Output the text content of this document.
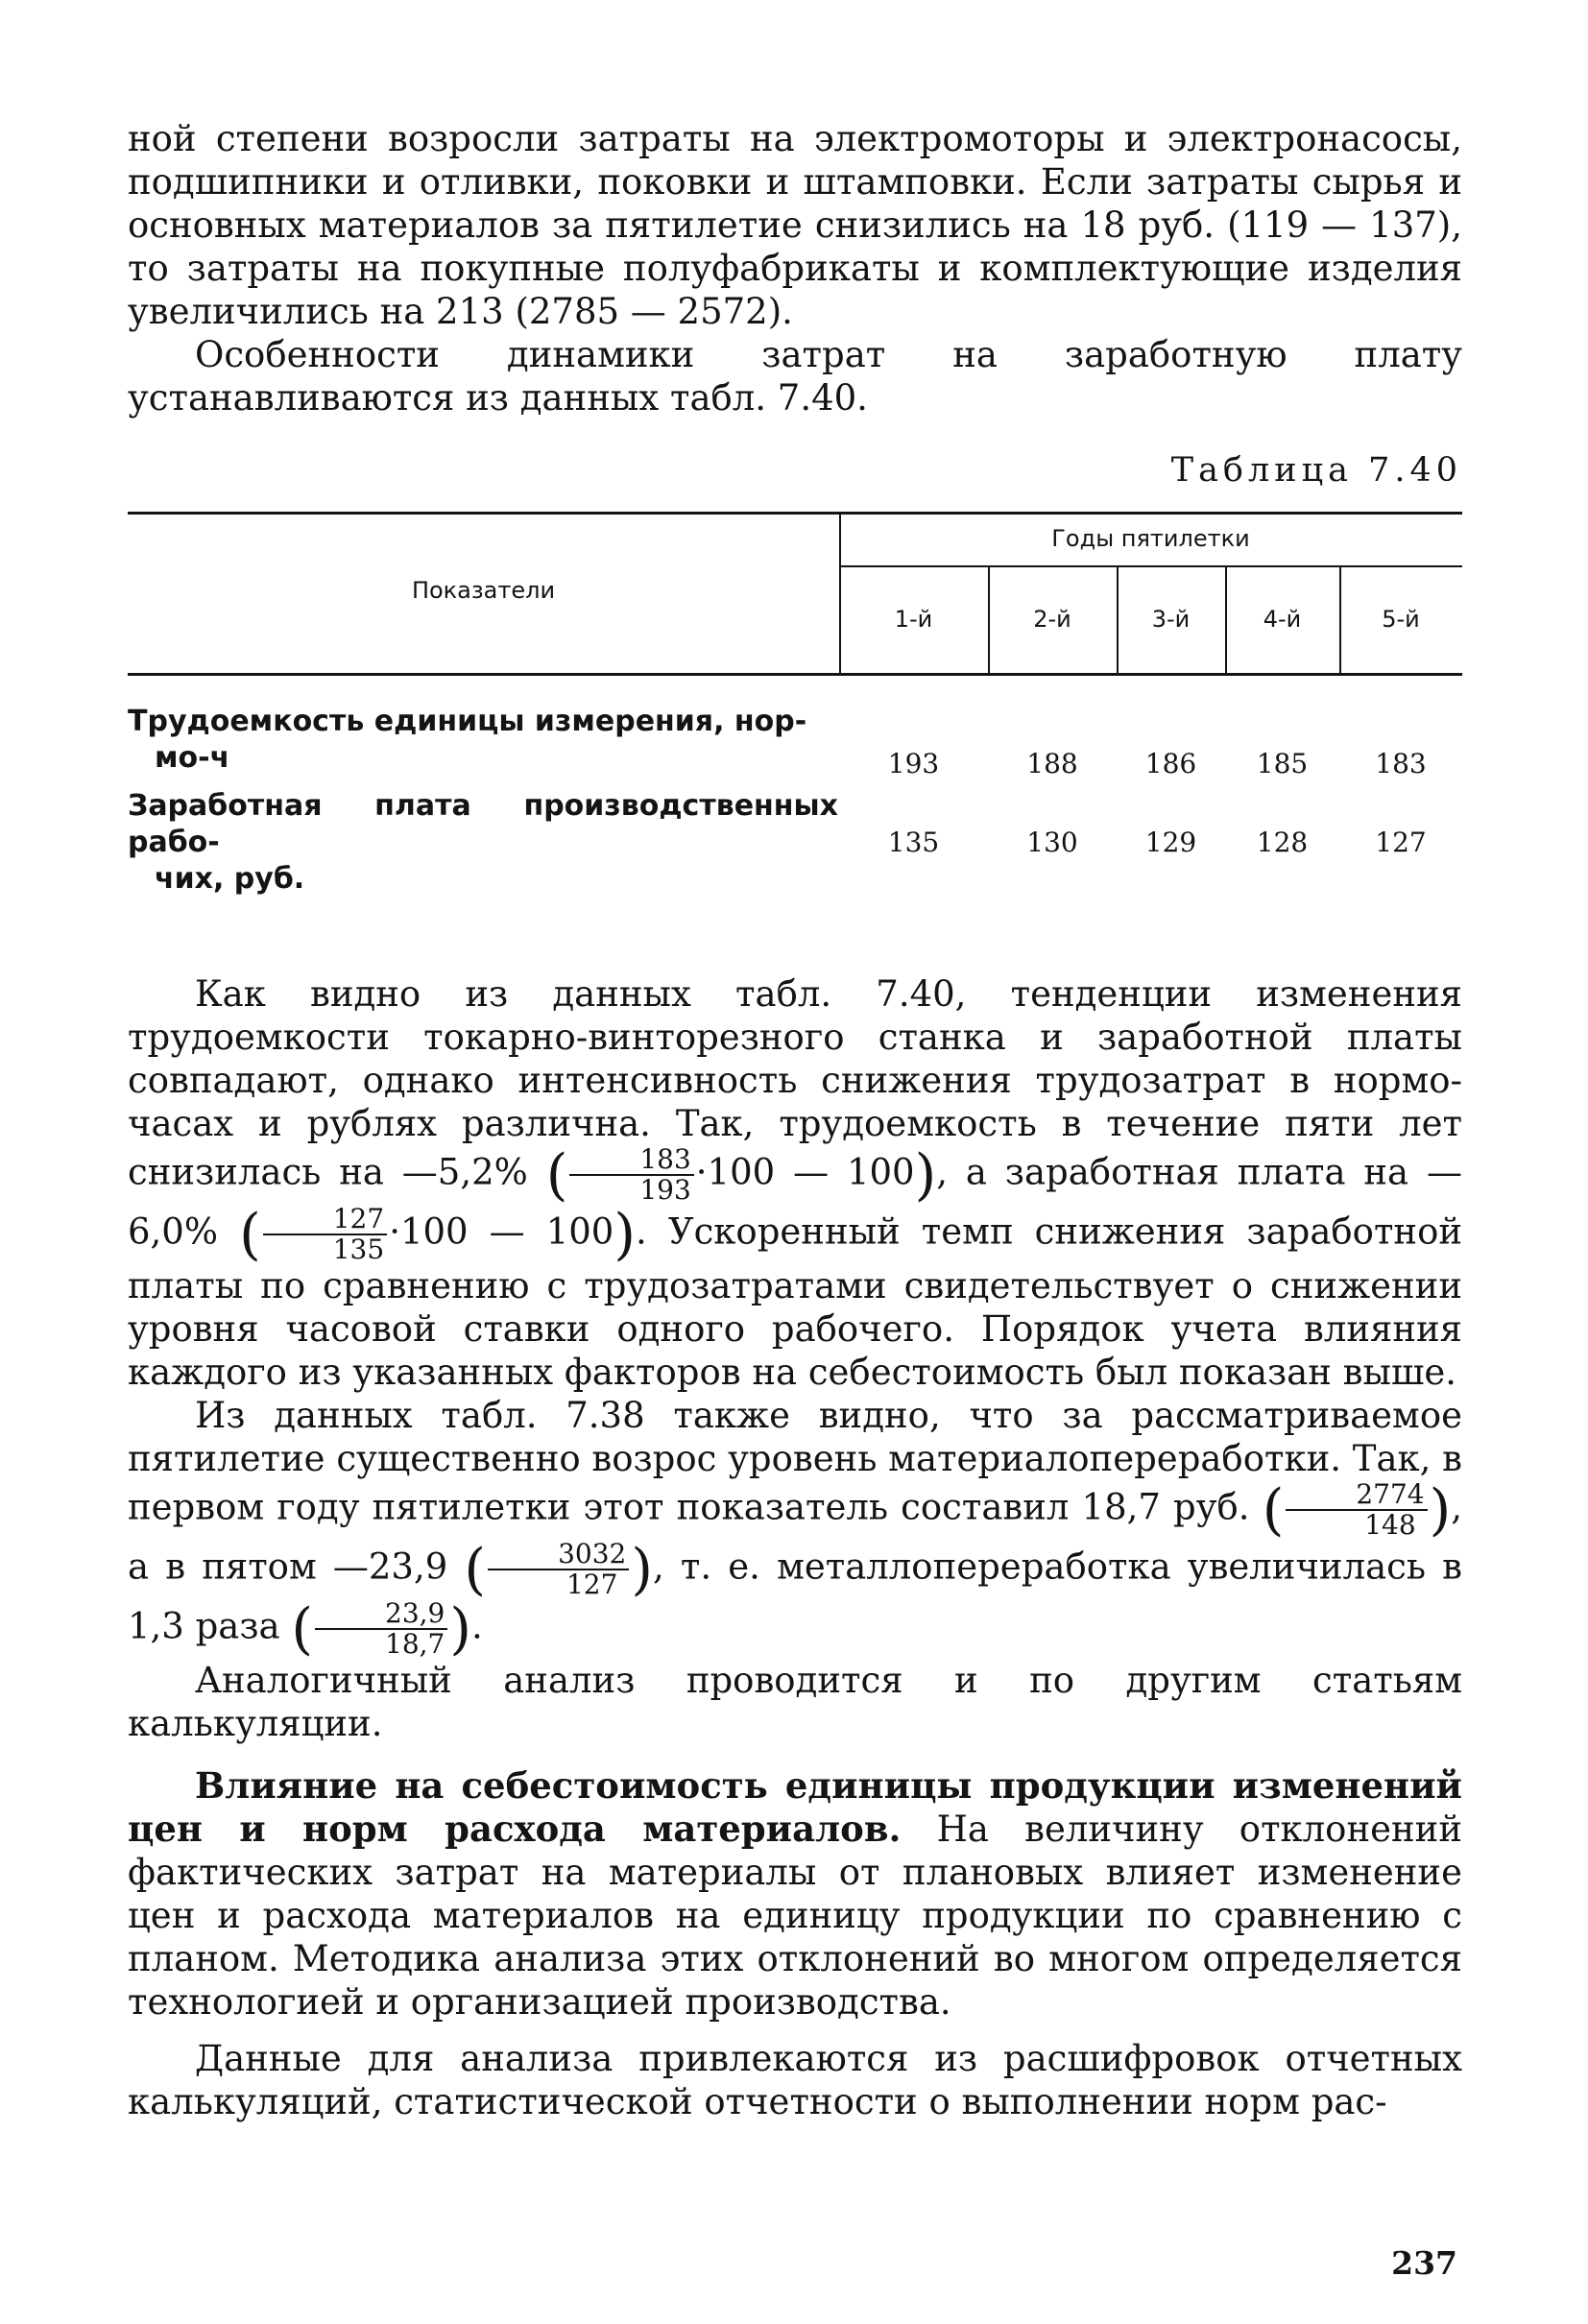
ной степени возросли затраты на электромоторы и электронасосы, подшипники и отливки, поковки и штамповки. Если затраты сырья и основных материалов за пятилетие снизились на 18 руб. (119 — 137), то затраты на покупные полуфабрикаты и комплектующие изделия увеличились на 213 (2785 — 2572).

Особенности динамики затрат на заработную плату устанавливаются из данных табл. 7.40.

Таблица 7.40
Показатели
Годы пятилетки
1-й	2-й	3-й	4-й	5-й
Трудоемкость единицы измерения, нор-
мо-ч	193	188	186	185	183
Заработная плата производственных рабо-
чих, руб.
135	130	129	128	127

Как видно из данных табл. 7.40, тенденции изменения трудоемкости токарно-винторезного станка и заработной платы совпадают, однако интенсивность снижения трудозатрат в нормо-часах и рублях различна. Так, трудоемкость в течение пяти лет снизилась на —5,2% ( $\frac{183}{193} \cdot 100$ — 100), а заработная плата на —6,0% ( $\frac{127}{135} \cdot 100$ — 100). Ускоренный темп снижения заработной платы по сравнению с трудозатратами свидетельствует о снижении уровня часовой ставки одного рабочего. Порядок учета влияния каждого из указанных факторов на себестоимость был показан выше.

Из данных табл. 7.38 также видно, что за рассматриваемое пятилетие существенно возрос уровень материалопереработки. Так, в первом году пятилетки этот показатель составил 18,7 руб. ( $\frac{2774}{148}$ ), а в пятом —23,9 ( $\frac{3032}{127}$ ), т. е. металлопереработка увеличилась в 1,3 раза ( $\frac{23,9}{18,7}$ ).

Аналогичный анализ проводится и по другим статьям калькуляции.

Влияние на себестоимость единицы продукции изменений цен и норм расхода материалов. На величину отклонений фактических затрат на материалы от плановых влияет изменение цен и расхода материалов на единицу продукции по сравнению с планом. Методика анализа этих отклонений во многом определяется технологией и организацией производства.

Данные для анализа привлекаются из расшифровок отчетных калькуляций, статистической отчетности о выполнении норм рас-

237
